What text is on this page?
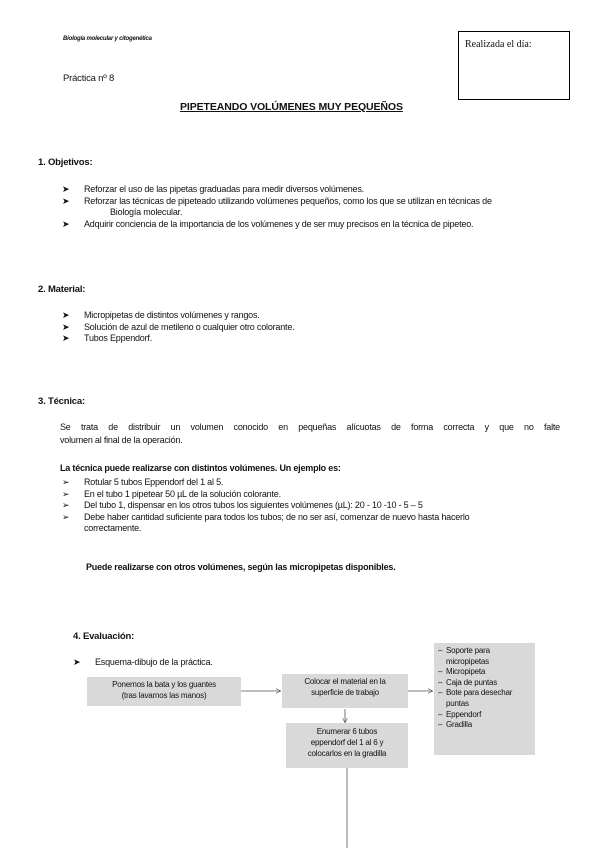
Biología molecular y citogenética
Práctica nº 8
Realizada el día:
PIPETEANDO VOLÚMENES MUY PEQUEÑOS
1. Objetivos:
➤ Reforzar el uso de las pipetas graduadas para medir diversos volúmenes.
➤ Reforzar las técnicas de pipeteado utilizando volúmenes pequeños, como los que se utilizan en técnicas de
Biología molecular.
➤ Adquirir conciencia de la importancia de los volúmenes y de ser muy precisos en la técnica de pipeteo.
2. Material:
➤ Micropipetas de distintos volúmenes y rangos.
➤ Solución de azul de metileno o cualquier otro colorante.
➤ Tubos Eppendorf.
3. Técnica:
Se trata de distribuir un volumen conocido en pequeñas alícuotas de forma correcta y que no falte
volumen al final de la operación.
La técnica puede realizarse con distintos volúmenes. Un ejemplo es:
➢ Rotular 5 tubos Eppendorf del 1 al 5.
➢ En el tubo 1 pipetear 50 µL de la solución colorante.
➢ Del tubo 1, dispensar en los otros tubos los siguientes volúmenes (µL): 20 - 10 -10 - 5 – 5
➢ Debe haber cantidad suficiente para todos los tubos; de no ser así, comenzar de nuevo hasta hacerlo
correctamente.
Puede realizarse con otros volúmenes, según las micropipetas disponibles.
4. Evaluación:
➤ Esquema-dibujo de la práctica.
Ponernos la bata y los guantes
(tras lavarnos las manos)
Colocar el material en la
superficie de trabajo
Enumerar 6 tubos
eppendorf del 1 al 6 y
colocarlos en la gradilla
– Soporte para
micropipetas
– Micropipeta
– Caja de puntas
– Bote para desechar
puntas
– Eppendorf
– Gradilla
